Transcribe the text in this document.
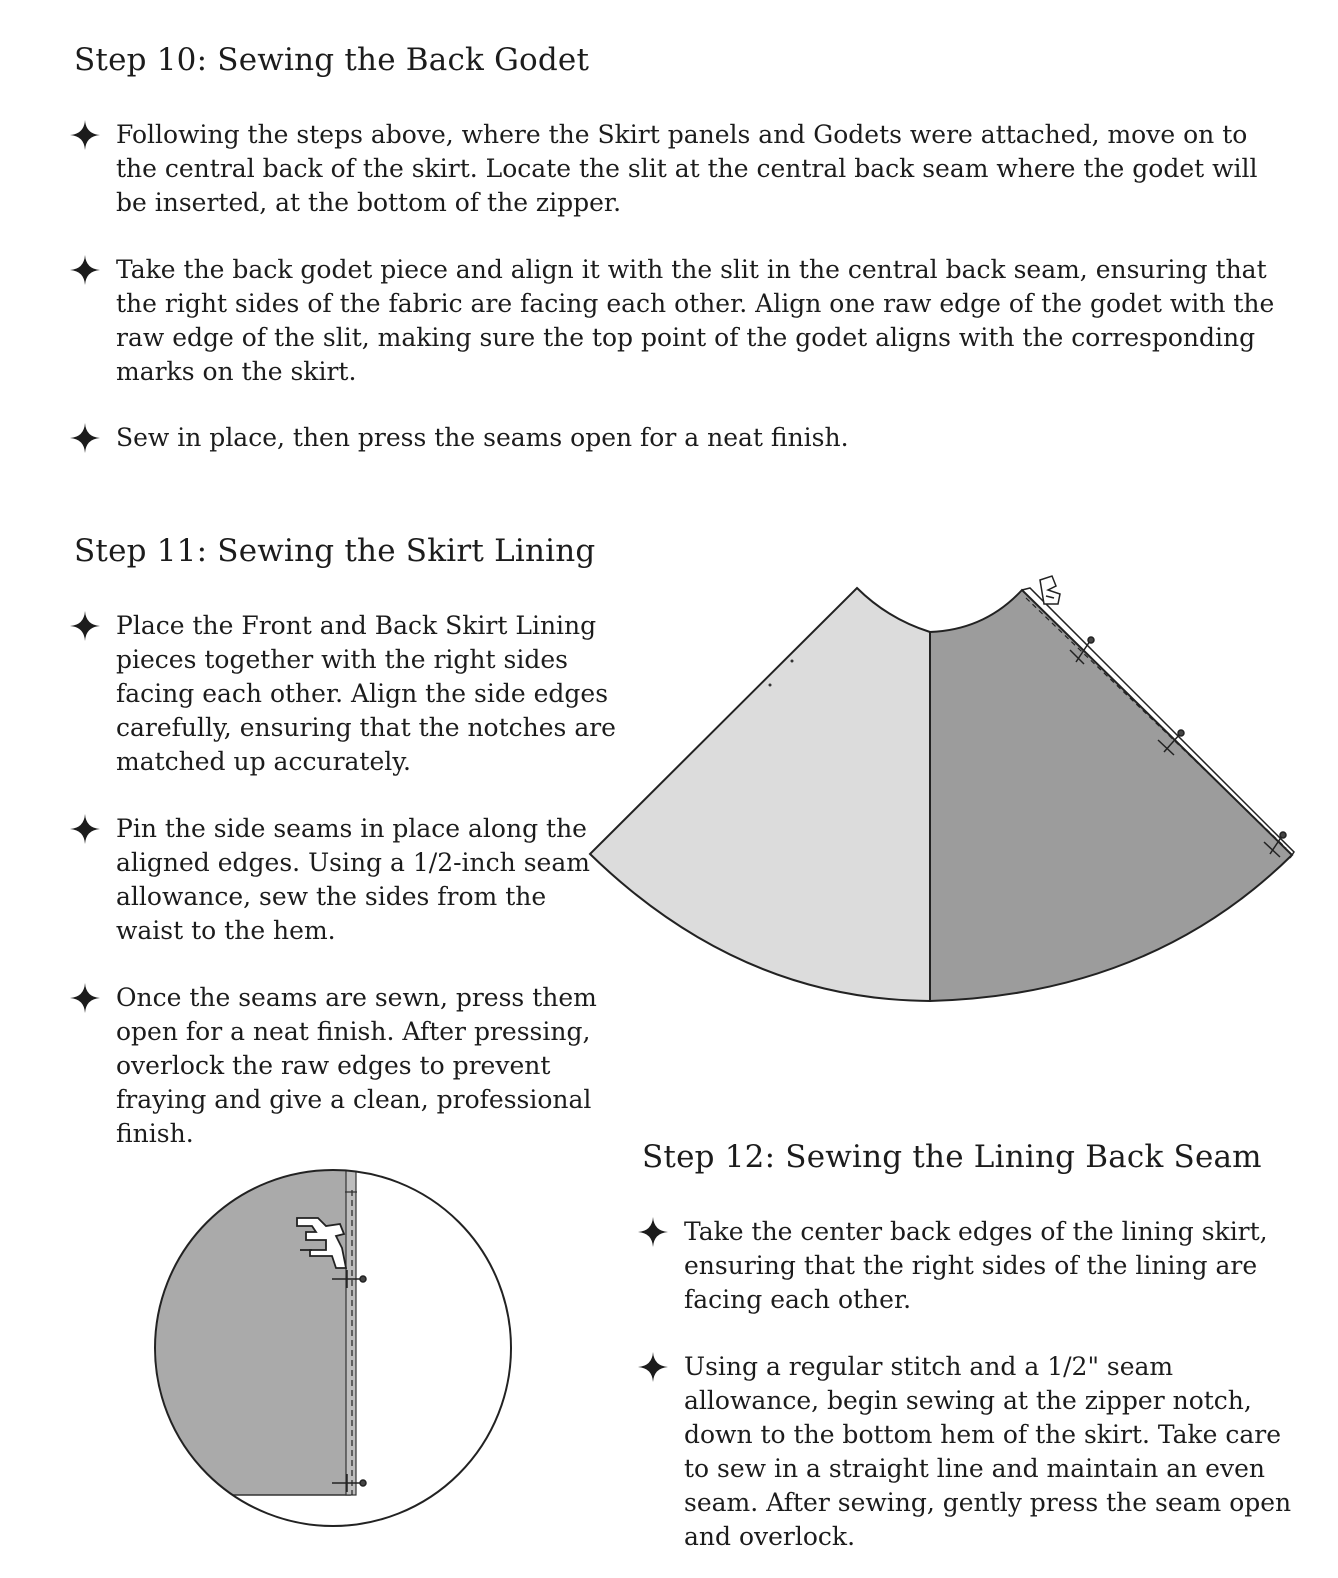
Step 10: Sewing the Back Godet
Following the steps above, where the Skirt panels and Godets were attached, move on to the central back of the skirt. Locate the slit at the central back seam where the godet will be inserted, at the bottom of the zipper.
Take the back godet piece and align it with the slit in the central back seam, ensuring that the right sides of the fabric are facing each other. Align one raw edge of the godet with the raw edge of the slit, making sure the top point of the godet aligns with the corresponding marks on the skirt.
Sew in place, then press the seams open for a neat finish.
Step 11: Sewing the Skirt Lining
Place the Front and Back Skirt Lining pieces together with the right sides facing each other. Align the side edges carefully, ensuring that the notches are matched up accurately.
Pin the side seams in place along the aligned edges. Using a 1/2-inch seam allowance, sew the sides from the waist to the hem.
Once the seams are sewn, press them open for a neat finish. After pressing, overlock the raw edges to prevent fraying and give a clean, professional finish.
Step 12: Sewing the Lining Back Seam
Take the center back edges of the lining skirt, ensuring that the right sides of the lining are facing each other.
Using a regular stitch and a 1/2" seam allowance, begin sewing at the zipper notch, down to the bottom hem of the skirt. Take care to sew in a straight line and maintain an even seam. After sewing, gently press the seam open and overlock.
